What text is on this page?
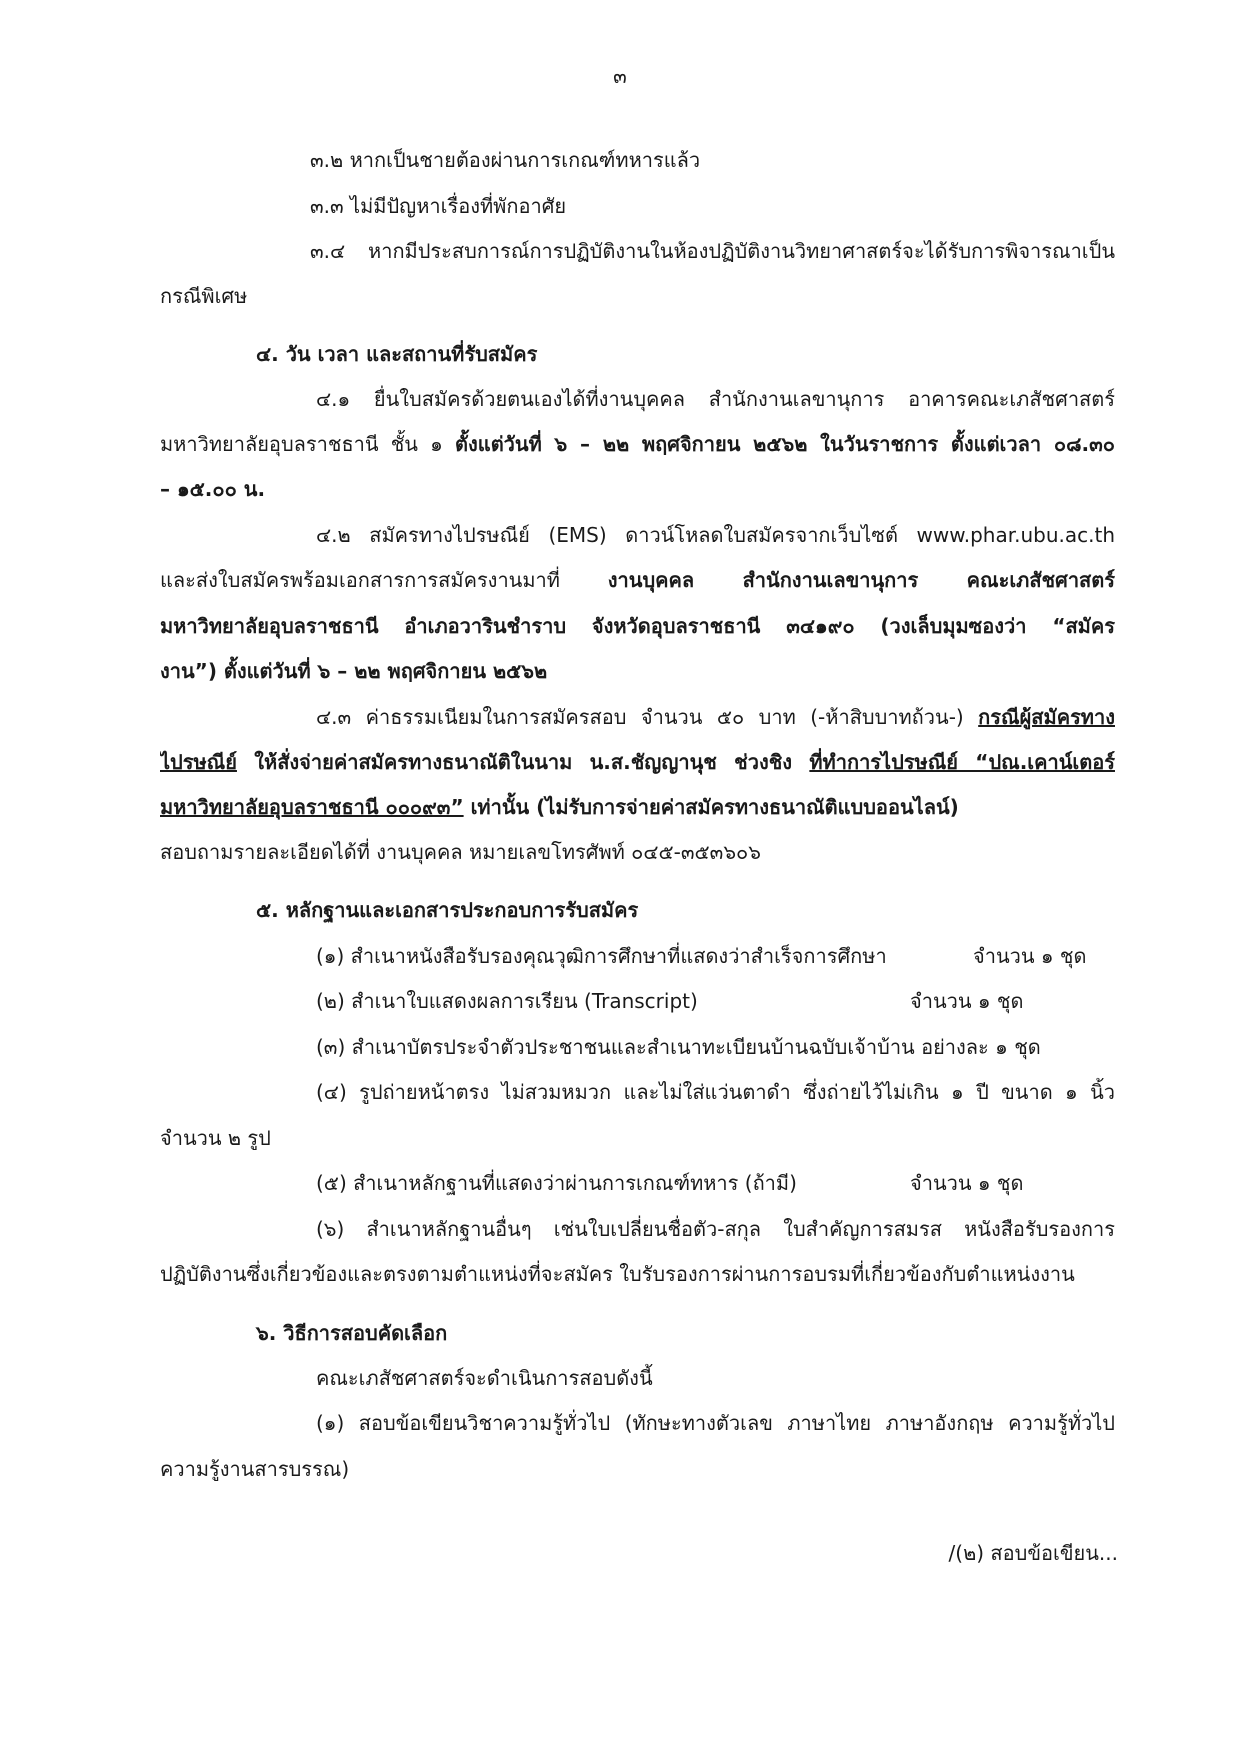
๓
๓.๒ หากเป็นชายต้องผ่านการเกณฑ์ทหารแล้ว
๓.๓ ไม่มีปัญหาเรื่องที่พักอาศัย
๓.๔ หากมีประสบการณ์การปฏิบัติงานในห้องปฏิบัติงานวิทยาศาสตร์จะได้รับการพิจารณาเป็น
กรณีพิเศษ
๔. วัน เวลา และสถานที่รับสมัคร
๔.๑ ยื่นใบสมัครด้วยตนเองได้ที่งานบุคคล สำนักงานเลขานุการ อาคารคณะเภสัชศาสตร์
มหาวิทยาลัยอุบลราชธานี ชั้น ๑ ตั้งแต่วันที่ ๖ – ๒๒ พฤศจิกายน ๒๕๖๒ ในวันราชการ ตั้งแต่เวลา ๐๘.๓๐
– ๑๕.๐๐ น.
๔.๒ สมัครทางไปรษณีย์ (EMS) ดาวน์โหลดใบสมัครจากเว็บไซต์ www.phar.ubu.ac.th
และส่งใบสมัครพร้อมเอกสารการสมัครงานมาที่ งานบุคคล สำนักงานเลขานุการ คณะเภสัชศาสตร์
มหาวิทยาลัยอุบลราชธานี อำเภอวารินชำราบ จังหวัดอุบลราชธานี ๓๔๑๙๐ (วงเล็บมุมซองว่า “สมัคร
งาน”) ตั้งแต่วันที่ ๖ – ๒๒ พฤศจิกายน ๒๕๖๒
๔.๓ ค่าธรรมเนียมในการสมัครสอบ จำนวน ๕๐ บาท (-ห้าสิบบาทถ้วน-) กรณีผู้สมัครทาง
ไปรษณีย์ ให้สั่งจ่ายค่าสมัครทางธนาณัติในนาม น.ส.ชัญญานุช ช่วงชิง ที่ทำการไปรษณีย์ “ปณ.เคาน์เตอร์
มหาวิทยาลัยอุบลราชธานี ๐๐๐๙๓” เท่านั้น (ไม่รับการจ่ายค่าสมัครทางธนาณัติแบบออนไลน์)
สอบถามรายละเอียดได้ที่ งานบุคคล หมายเลขโทรศัพท์ ๐๔๕-๓๕๓๖๐๖
๕. หลักฐานและเอกสารประกอบการรับสมัคร
(๑) สำเนาหนังสือรับรองคุณวุฒิการศึกษาที่แสดงว่าสำเร็จการศึกษา	จำนวน ๑ ชุด
(๒) สำเนาใบแสดงผลการเรียน (Transcript)	จำนวน ๑ ชุด
(๓) สำเนาบัตรประจำตัวประชาชนและสำเนาทะเบียนบ้านฉบับเจ้าบ้าน อย่างละ ๑ ชุด
(๔) รูปถ่ายหน้าตรง ไม่สวมหมวก และไม่ใส่แว่นตาดำ ซึ่งถ่ายไว้ไม่เกิน ๑ ปี ขนาด ๑ นิ้ว
จำนวน ๒ รูป
(๕) สำเนาหลักฐานที่แสดงว่าผ่านการเกณฑ์ทหาร (ถ้ามี)	จำนวน ๑ ชุด
(๖) สำเนาหลักฐานอื่นๆ เช่นใบเปลี่ยนชื่อตัว-สกุล ใบสำคัญการสมรส หนังสือรับรองการ
ปฏิบัติงานซึ่งเกี่ยวข้องและตรงตามตำแหน่งที่จะสมัคร ใบรับรองการผ่านการอบรมที่เกี่ยวข้องกับตำแหน่งงาน
๖. วิธีการสอบคัดเลือก
คณะเภสัชศาสตร์จะดำเนินการสอบดังนี้
(๑) สอบข้อเขียนวิชาความรู้ทั่วไป (ทักษะทางตัวเลข ภาษาไทย ภาษาอังกฤษ ความรู้ทั่วไป
ความรู้งานสารบรรณ)
/(๒) สอบข้อเขียน...
